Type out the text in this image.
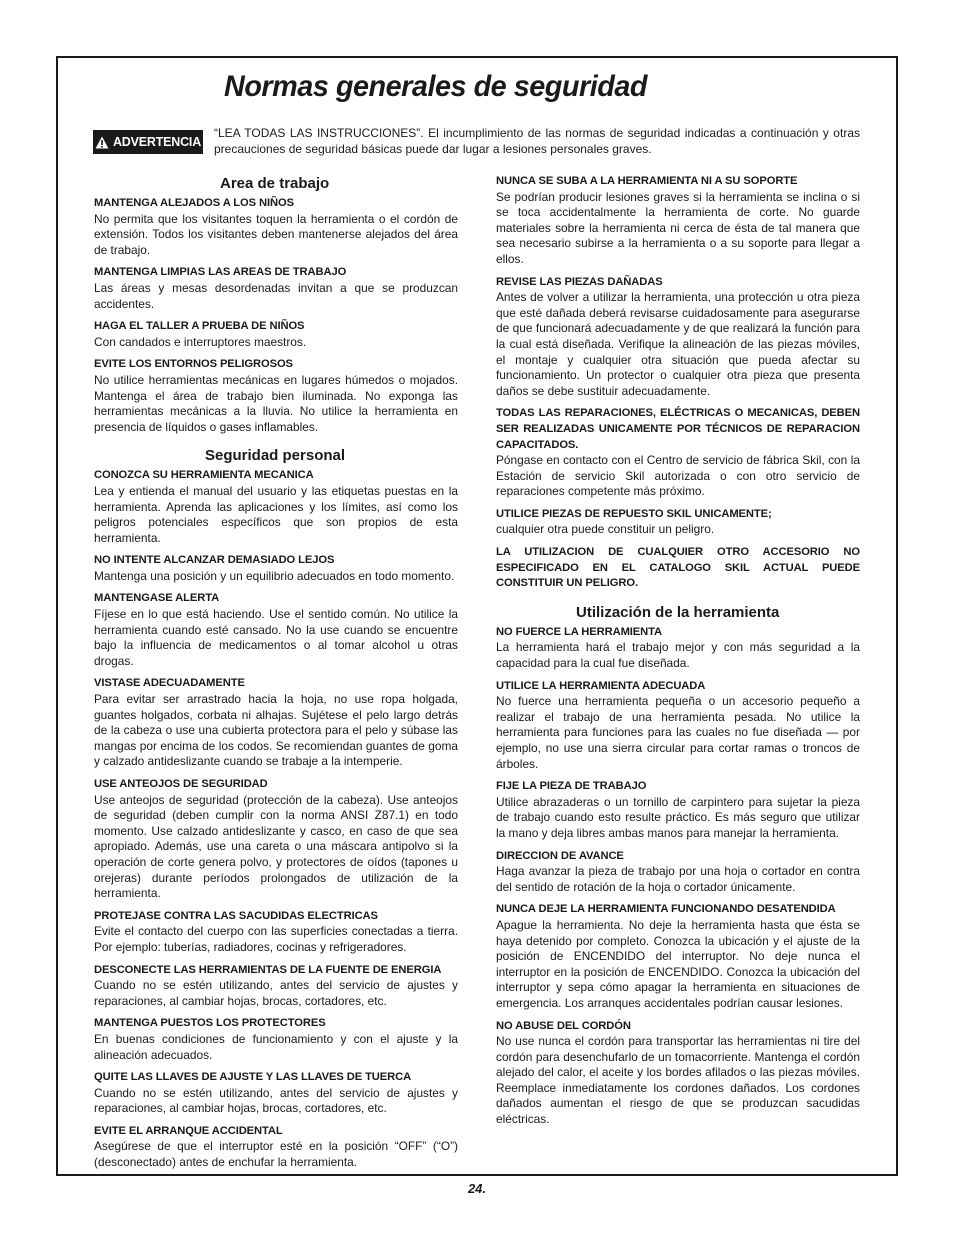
Normas generales de seguridad
ADVERTENCIA
“LEA TODAS LAS INSTRUCCIONES”. El incumplimiento de las normas de seguridad indicadas a continuación y otras precauciones de seguridad básicas puede dar lugar a lesiones personales graves.
Area de trabajo
MANTENGA ALEJADOS A LOS NIÑOS
No permita que los visitantes toquen la herramienta o el cordón de extensión. Todos los visitantes deben mantenerse alejados del área de trabajo.
MANTENGA LIMPIAS LAS AREAS DE TRABAJO
Las áreas y mesas desordenadas invitan a que se produzcan accidentes.
HAGA EL TALLER A PRUEBA DE NIÑOS
Con candados e interruptores maestros.
EVITE LOS ENTORNOS PELIGROSOS
No utilice herramientas mecánicas en lugares húmedos o mojados. Mantenga el área de trabajo bien iluminada. No exponga las herramientas mecánicas a la lluvia. No utilice la herramienta en presencia de líquidos o gases inflamables.
Seguridad personal
CONOZCA SU HERRAMIENTA MECANICA
Lea y entienda el manual del usuario y las etiquetas puestas en la herramienta. Aprenda las aplicaciones y los límites, así como los peligros potenciales específicos que son propios de esta herramienta.
NO INTENTE ALCANZAR DEMASIADO LEJOS
Mantenga una posición y un equilibrio adecuados en todo momento.
MANTENGASE ALERTA
Fíjese en lo que está haciendo. Use el sentido común. No utilice la herramienta cuando esté cansado. No la use cuando se encuentre bajo la influencia de medicamentos o al tomar alcohol u otras drogas.
VISTASE ADECUADAMENTE
Para evitar ser arrastrado hacia la hoja, no use ropa holgada, guantes holgados, corbata ni alhajas. Sujétese el pelo largo detrás de la cabeza o use una cubierta protectora para el pelo y súbase las mangas por encima de los codos. Se recomiendan guantes de goma y calzado antideslizante cuando se trabaje a la intemperie.
USE ANTEOJOS DE SEGURIDAD
Use anteojos de seguridad (protección de la cabeza). Use anteojos de seguridad (deben cumplir con la norma ANSI Z87.1) en todo momento. Use calzado antideslizante y casco, en caso de que sea apropiado. Además, use una careta o una máscara antipolvo si la operación de corte genera polvo, y protectores de oídos (tapones u orejeras) durante períodos prolongados de utilización de la herramienta.
PROTEJASE CONTRA LAS SACUDIDAS ELECTRICAS
Evite el contacto del cuerpo con las superficies conectadas a tierra. Por ejemplo: tuberías, radiadores, cocinas y refrigeradores.
DESCONECTE LAS HERRAMIENTAS DE LA FUENTE DE ENERGIA
Cuando no se estén utilizando, antes del servicio de ajustes y reparaciones, al cambiar hojas, brocas, cortadores, etc.
MANTENGA PUESTOS LOS PROTECTORES
En buenas condiciones de funcionamiento y con el ajuste y la alineación adecuados.
QUITE LAS LLAVES DE AJUSTE Y LAS LLAVES DE TUERCA
Cuando no se estén utilizando, antes del servicio de ajustes y reparaciones, al cambiar hojas, brocas, cortadores, etc.
EVITE EL ARRANQUE ACCIDENTAL
Asegúrese de que el interruptor esté en la posición “OFF” (“O”) (desconectado) antes de enchufar la herramienta.
NUNCA SE SUBA A LA HERRAMIENTA NI A SU SOPORTE
Se podrían producir lesiones graves si la herramienta se inclina o si se toca accidentalmente la herramienta de corte. No guarde materiales sobre la herramienta ni cerca de ésta de tal manera que sea necesario subirse a la herramienta o a su soporte para llegar a ellos.
REVISE LAS PIEZAS DAÑADAS
Antes de volver a utilizar la herramienta, una protección u otra pieza que esté dañada deberá revisarse cuidadosamente para asegurarse de que funcionará adecuadamente y de que realizará la función para la cual está diseñada. Verifique la alineación de las piezas móviles, el montaje y cualquier otra situación que pueda afectar su funcionamiento. Un protector o cualquier otra pieza que presenta daños se debe sustituir adecuadamente.
TODAS LAS REPARACIONES, ELÉCTRICAS O MECANICAS, DEBEN SER REALIZADAS UNICAMENTE POR TÉCNICOS DE REPARACION CAPACITADOS.
Póngase en contacto con el Centro de servicio de fábrica Skil, con la Estación de servicio Skil autorizada o con otro servicio de reparaciones competente más próximo.
UTILICE PIEZAS DE REPUESTO SKIL UNICAMENTE;
cualquier otra puede constituir un peligro.
LA UTILIZACION DE CUALQUIER OTRO ACCESORIO NO ESPECIFICADO EN EL CATALOGO SKIL ACTUAL PUEDE CONSTITUIR UN PELIGRO.
Utilización de la herramienta
NO FUERCE LA HERRAMIENTA
La herramienta hará el trabajo mejor y con más seguridad a la capacidad para la cual fue diseñada.
UTILICE LA HERRAMIENTA ADECUADA
No fuerce una herramienta pequeña o un accesorio pequeño a realizar el trabajo de una herramienta pesada. No utilice la herramienta para funciones para las cuales no fue diseñada — por ejemplo, no use una sierra circular para cortar ramas o troncos de árboles.
FIJE LA PIEZA DE TRABAJO
Utilice abrazaderas o un tornillo de carpintero para sujetar la pieza de trabajo cuando esto resulte práctico. Es más seguro que utilizar la mano y deja libres ambas manos para manejar la herramienta.
DIRECCION DE AVANCE
Haga avanzar la pieza de trabajo por una hoja o cortador en contra del sentido de rotación de la hoja o cortador únicamente.
NUNCA DEJE LA HERRAMIENTA FUNCIONANDO DESATENDIDA
Apague la herramienta. No deje la herramienta hasta que ésta se haya detenido por completo. Conozca la ubicación y el ajuste de la posición de ENCENDIDO del interruptor. No deje nunca el interruptor en la posición de ENCENDIDO. Conozca la ubicación del interruptor y sepa cómo apagar la herramienta en situaciones de emergencia. Los arranques accidentales podrían causar lesiones.
NO ABUSE DEL CORDÓN
No use nunca el cordón para transportar las herramientas ni tire del cordón para desenchufarlo de un tomacorriente. Mantenga el cordón alejado del calor, el aceite y los bordes afilados o las piezas móviles. Reemplace inmediatamente los cordones dañados. Los cordones dañados aumentan el riesgo de que se produzcan sacudidas eléctricas.
24.
